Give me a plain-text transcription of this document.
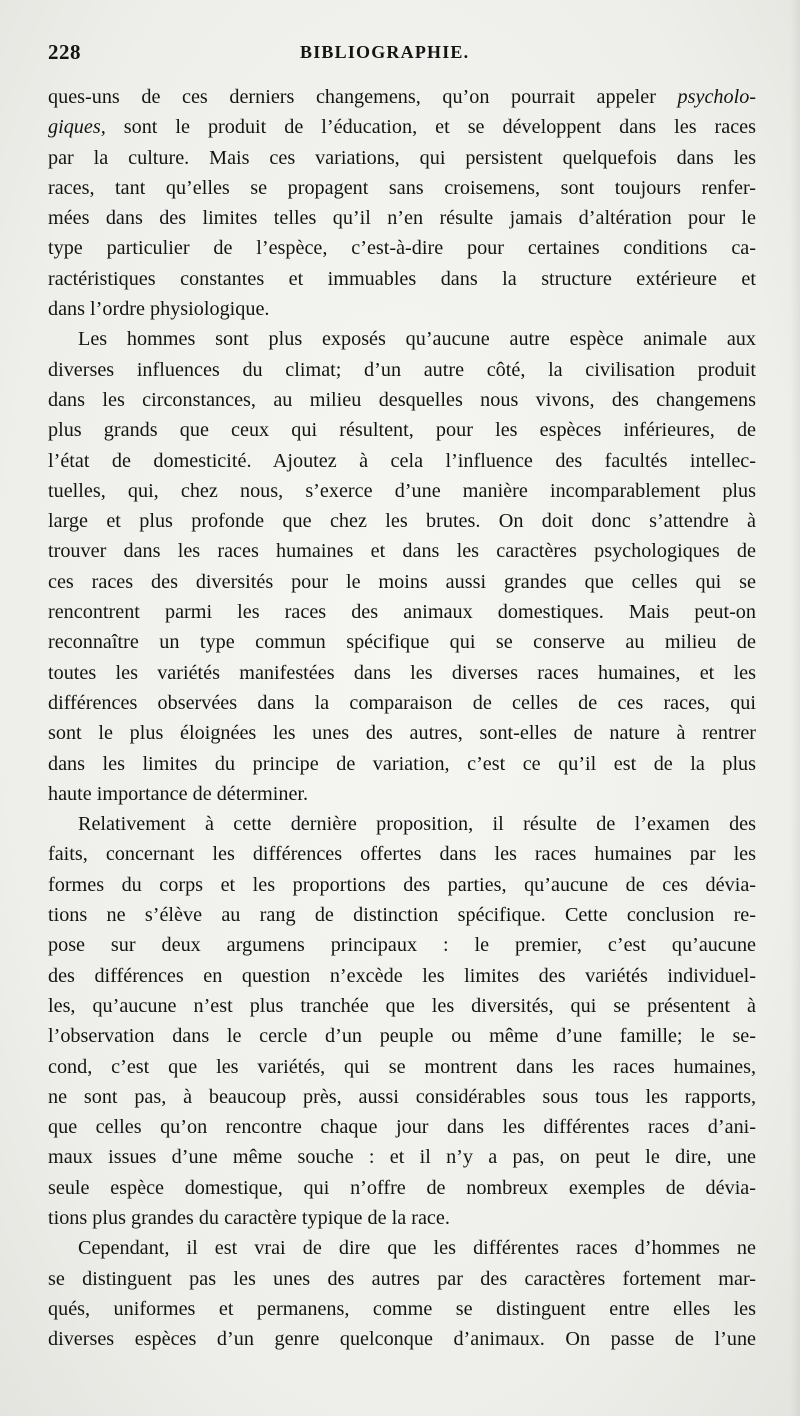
228	BIBLIOGRAPHIE.
ques-uns de ces derniers changemens, qu’on pourrait appeler psycholo-
giques, sont le produit de l’éducation, et se développent dans les races
par la culture. Mais ces variations, qui persistent quelquefois dans les
races, tant qu’elles se propagent sans croisemens, sont toujours renfer-
mées dans des limites telles qu’il n’en résulte jamais d’altération pour le
type particulier de l’espèce, c’est-à-dire pour certaines conditions ca-
ractéristiques constantes et immuables dans la structure extérieure et
dans l’ordre physiologique.
Les hommes sont plus exposés qu’aucune autre espèce animale aux
diverses influences du climat; d’un autre côté, la civilisation produit
dans les circonstances, au milieu desquelles nous vivons, des changemens
plus grands que ceux qui résultent, pour les espèces inférieures, de
l’état de domesticité. Ajoutez à cela l’influence des facultés intellec-
tuelles, qui, chez nous, s’exerce d’une manière incomparablement plus
large et plus profonde que chez les brutes. On doit donc s’attendre à
trouver dans les races humaines et dans les caractères psychologiques de
ces races des diversités pour le moins aussi grandes que celles qui se
rencontrent parmi les races des animaux domestiques. Mais peut-on
reconnaître un type commun spécifique qui se conserve au milieu de
toutes les variétés manifestées dans les diverses races humaines, et les
différences observées dans la comparaison de celles de ces races, qui
sont le plus éloignées les unes des autres, sont-elles de nature à rentrer
dans les limites du principe de variation, c’est ce qu’il est de la plus
haute importance de déterminer.
Relativement à cette dernière proposition, il résulte de l’examen des
faits, concernant les différences offertes dans les races humaines par les
formes du corps et les proportions des parties, qu’aucune de ces dévia-
tions ne s’élève au rang de distinction spécifique. Cette conclusion re-
pose sur deux argumens principaux : le premier, c’est qu’aucune
des différences en question n’excède les limites des variétés individuel-
les, qu’aucune n’est plus tranchée que les diversités, qui se présentent à
l’observation dans le cercle d’un peuple ou même d’une famille; le se-
cond, c’est que les variétés, qui se montrent dans les races humaines,
ne sont pas, à beaucoup près, aussi considérables sous tous les rapports,
que celles qu’on rencontre chaque jour dans les différentes races d’ani-
maux issues d’une même souche : et il n’y a pas, on peut le dire, une
seule espèce domestique, qui n’offre de nombreux exemples de dévia-
tions plus grandes du caractère typique de la race.
Cependant, il est vrai de dire que les différentes races d’hommes ne
se distinguent pas les unes des autres par des caractères fortement mar-
qués, uniformes et permanens, comme se distinguent entre elles les
diverses espèces d’un genre quelconque d’animaux. On passe de l’une
